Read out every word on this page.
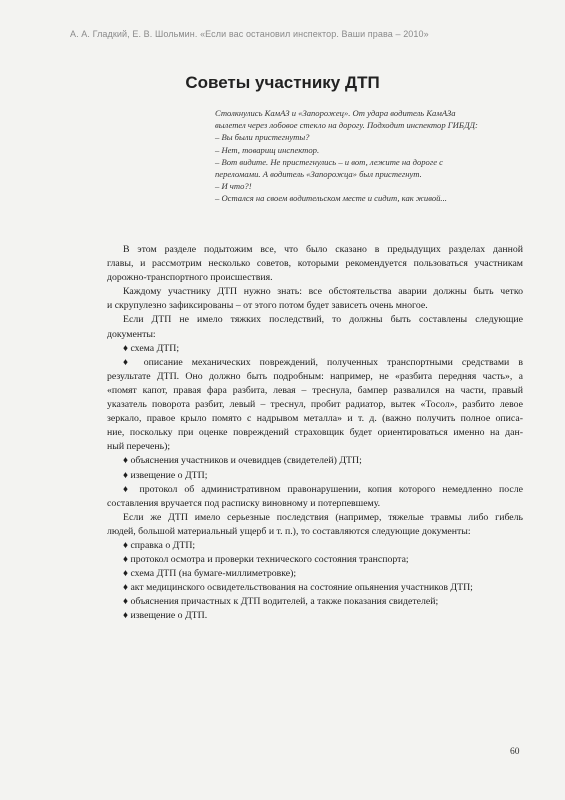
А. А. Гладкий, Е. В. Шольмин. «Если вас остановил инспектор. Ваши права – 2010»
Советы участнику ДТП
Столкнулись КамАЗ и «Запорожец». От удара водитель КамАЗа
вылетел через лобовое стекло на дорогу. Подходит инспектор ГИБДД:
– Вы были пристегнуты?
– Нет, товарищ инспектор.
– Вот видите. Не пристегнулись – и вот, лежите на дороге с
переломами. А водитель «Запорожца» был пристегнут.
– И что?!
– Остался на своем водительском месте и сидит, как живой...
В этом разделе подытожим все, что было сказано в предыдущих разделах данной
главы, и рассмотрим несколько советов, которыми рекомендуется пользоваться участникам
дорожно-транспортного происшествия.
Каждому участнику ДТП нужно знать: все обстоятельства аварии должны быть четко
и скрупулезно зафиксированы – от этого потом будет зависеть очень многое.
Если ДТП не имело тяжких последствий, то должны быть составлены следующие
документы:
♦ схема ДТП;
♦ описание механических повреждений, полученных транспортными средствами в
результате ДТП. Оно должно быть подробным: например, не «разбита передняя часть», а
«помят капот, правая фара разбита, левая – треснула, бампер развалился на части, правый
указатель поворота разбит, левый – треснул, пробит радиатор, вытек «Тосол», разбито левое
зеркало, правое крыло помято с надрывом металла» и т. д. (важно получить полное описа-
ние, поскольку при оценке повреждений страховщик будет ориентироваться именно на дан-
ный перечень);
♦ объяснения участников и очевидцев (свидетелей) ДТП;
♦ извещение о ДТП;
♦ протокол об административном правонарушении, копия которого немедленно после
составления вручается под расписку виновному и потерпевшему.
Если же ДТП имело серьезные последствия (например, тяжелые травмы либо гибель
людей, большой материальный ущерб и т. п.), то составляются следующие документы:
♦ справка о ДТП;
♦ протокол осмотра и проверки технического состояния транспорта;
♦ схема ДТП (на бумаге-миллиметровке);
♦ акт медицинского освидетельствования на состояние опьянения участников ДТП;
♦ объяснения причастных к ДТП водителей, а также показания свидетелей;
♦ извещение о ДТП.
60
